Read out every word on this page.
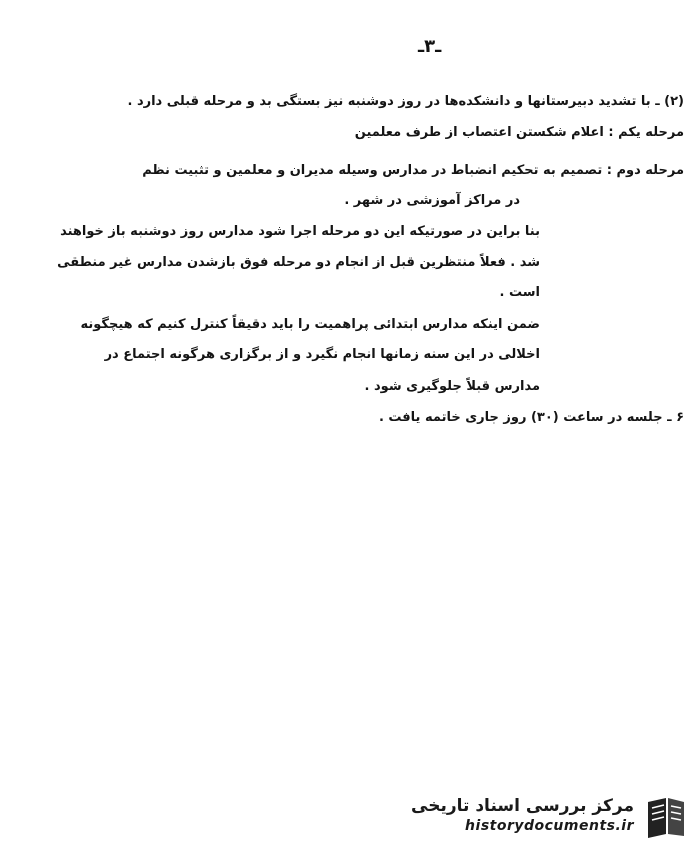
ـ۳ـ
(۲) ـ با تشدید دبیرستانها و دانشکده‌ها در روز دوشنبه نیز بستگی بد و مرحله قبلی دارد .
مرحله یکم : اعلام شکستن اعتصاب از طرف معلمین
مرحله دوم : تصمیم به تحکیم انضباط در مدارس وسیله مدیران و معلمین و تثبیت نظم
در مراکز آموزشی در شهر .
بنا براین در صورتیکه این دو مرحله اجرا شود مدارس روز دوشنبه باز خواهند
شد . فعلاً منتظرین قبل از انجام دو مرحله فوق بازشدن مدارس غیر منطقی
است .
ضمن اینکه مدارس ابتدائی پراهمیت را باید دقیقاً کنترل کنیم که هیچگونه
اخلالی در این سنه زمانها انجام نگیرد و از برگزاری هرگونه اجتماع در
مدارس قبلاً جلوگیری شود .
۶ ـ جلسه در ساعت (۳۰) روز جاری خاتمه یافت .
مرکز بررسی اسناد تاریخی
historydocuments.ir
